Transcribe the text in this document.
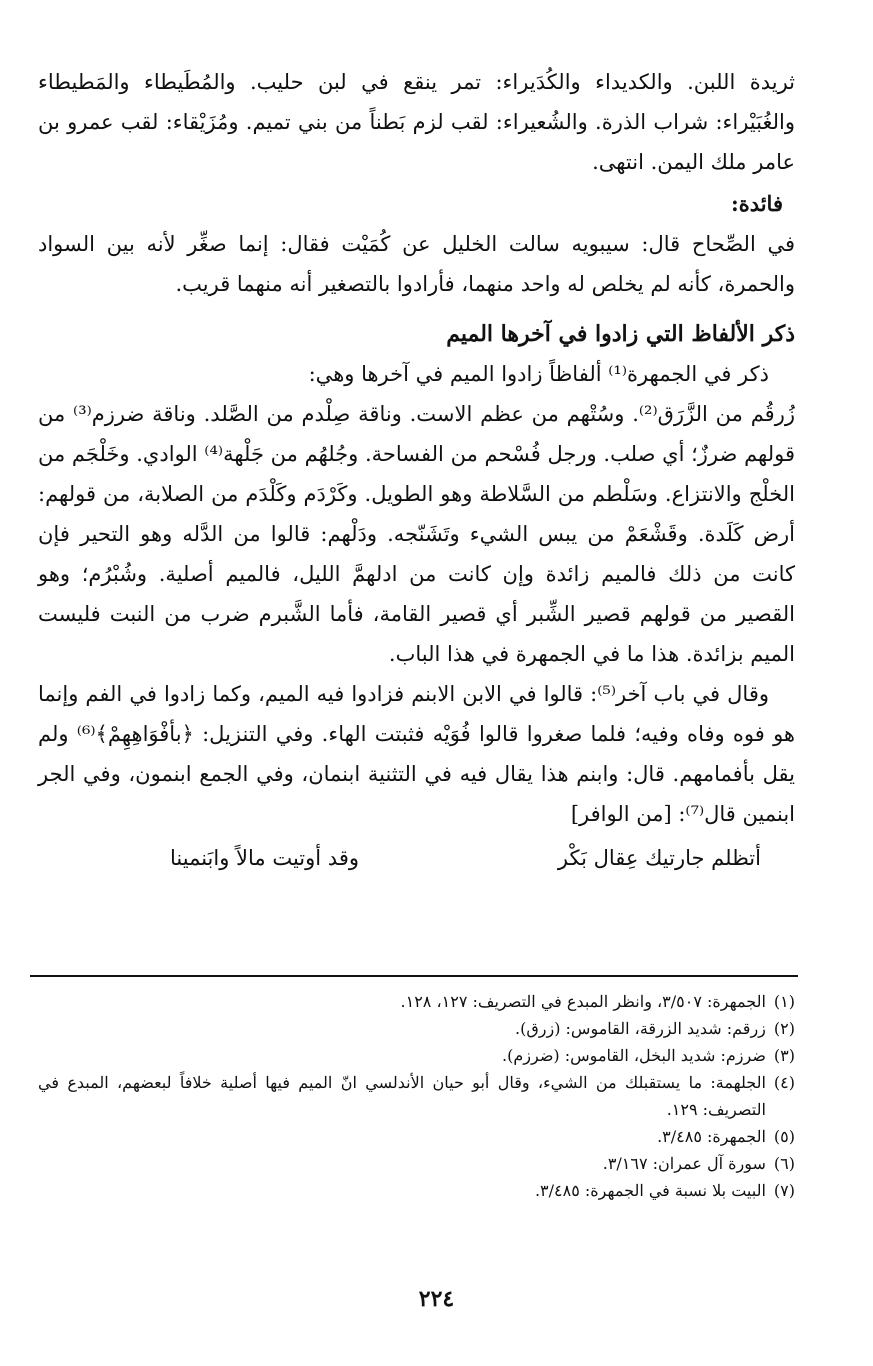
ثريدة اللبن. والكديداء والكُدَيراء: تمر ينقع في لبن حليب. والمُطَيطاء والمَطيطاء والغُبَيْراء: شراب الذرة. والشُعيراء: لقب لزم بَطناً من بني تميم. ومُزَيْقاء: لقب عمرو بن عامر ملك اليمن. انتهى.

فائدة:

في الصِّحاح قال: سيبويه سالت الخليل عن كُمَيْت فقال: إنما صغِّر لأنه بين السواد والحمرة، كأنه لم يخلص له واحد منهما، فأرادوا بالتصغير أنه منهما قريب.

ذكر الألفاظ التي زادوا في آخرها الميم

ذكر في الجمهرة⁽¹⁾ ألفاظاً زادوا الميم في آخرها وهي:

زُرقُم من الزَّرَق⁽²⁾. وسُتْهم من عظم الاست. وناقة صِلْدم من الصَّلد. وناقة ضرزم⁽³⁾ من قولهم ضرزٌ؛ أي صلب. ورجل فُسْحم من الفساحة. وجُلهُم من جَلْهة⁽⁴⁾ الوادي. وخَلْجَم من الخلْج والانتزاع. وسَلْطم من السَّلاطة وهو الطويل. وكَرْدَم وكَلْدَم من الصلابة، من قولهم: أرض كَلَدة. وقَشْعَمْ من يبس الشيء وتَشَنّجه. ودَلْهم: قالوا من الدَّله وهو التحير فإن كانت من ذلك فالميم زائدة وإن كانت من ادلهمَّ الليل، فالميم أصلية. وشُبْرُم؛ وهو القصير من قولهم قصير الشِّبر أي قصير القامة، فأما الشَّبرم ضرب من النبت فليست الميم بزائدة. هذا ما في الجمهرة في هذا الباب.

وقال في باب آخر⁽⁵⁾: قالوا في الابن الابنم فزادوا فيه الميم، وكما زادوا في الفم وإنما هو فوه وفاه وفيه؛ فلما صغروا قالوا فُوَيْه فثبتت الهاء. وفي التنزيل: ﴿بأفْوَاهِهِمْ﴾⁽⁶⁾ ولم يقل بأفمامهم. قال: وابنم هذا يقال فيه في التثنية ابنمان، وفي الجمع ابنمون، وفي الجر ابنمين قال⁽⁷⁾: [من الوافر]

أتظلم جارتيك عِقال بَكْر
وقد أوتيت مالاً وابَنمينا

(١)
الجمهرة: ٣/٥٠٧، وانظر المبدع في التصريف: ١٢٧، ١٢٨.
(٢)
زرقم: شديد الزرقة، القاموس: (زرق).
(٣)
ضرزم: شديد البخل، القاموس: (ضرزم).
(٤)
الجلهمة: ما يستقبلك من الشيء، وقال أبو حيان الأندلسي انّ الميم فيها أصلية خلافاً لبعضهم، المبدع في التصريف: ١٢٩.
(٥)
الجمهرة: ٣/٤٨٥.
(٦)
سورة آل عمران: ٣/١٦٧.
(٧)
البيت بلا نسبة في الجمهرة: ٣/٤٨٥.
٢٢٤
